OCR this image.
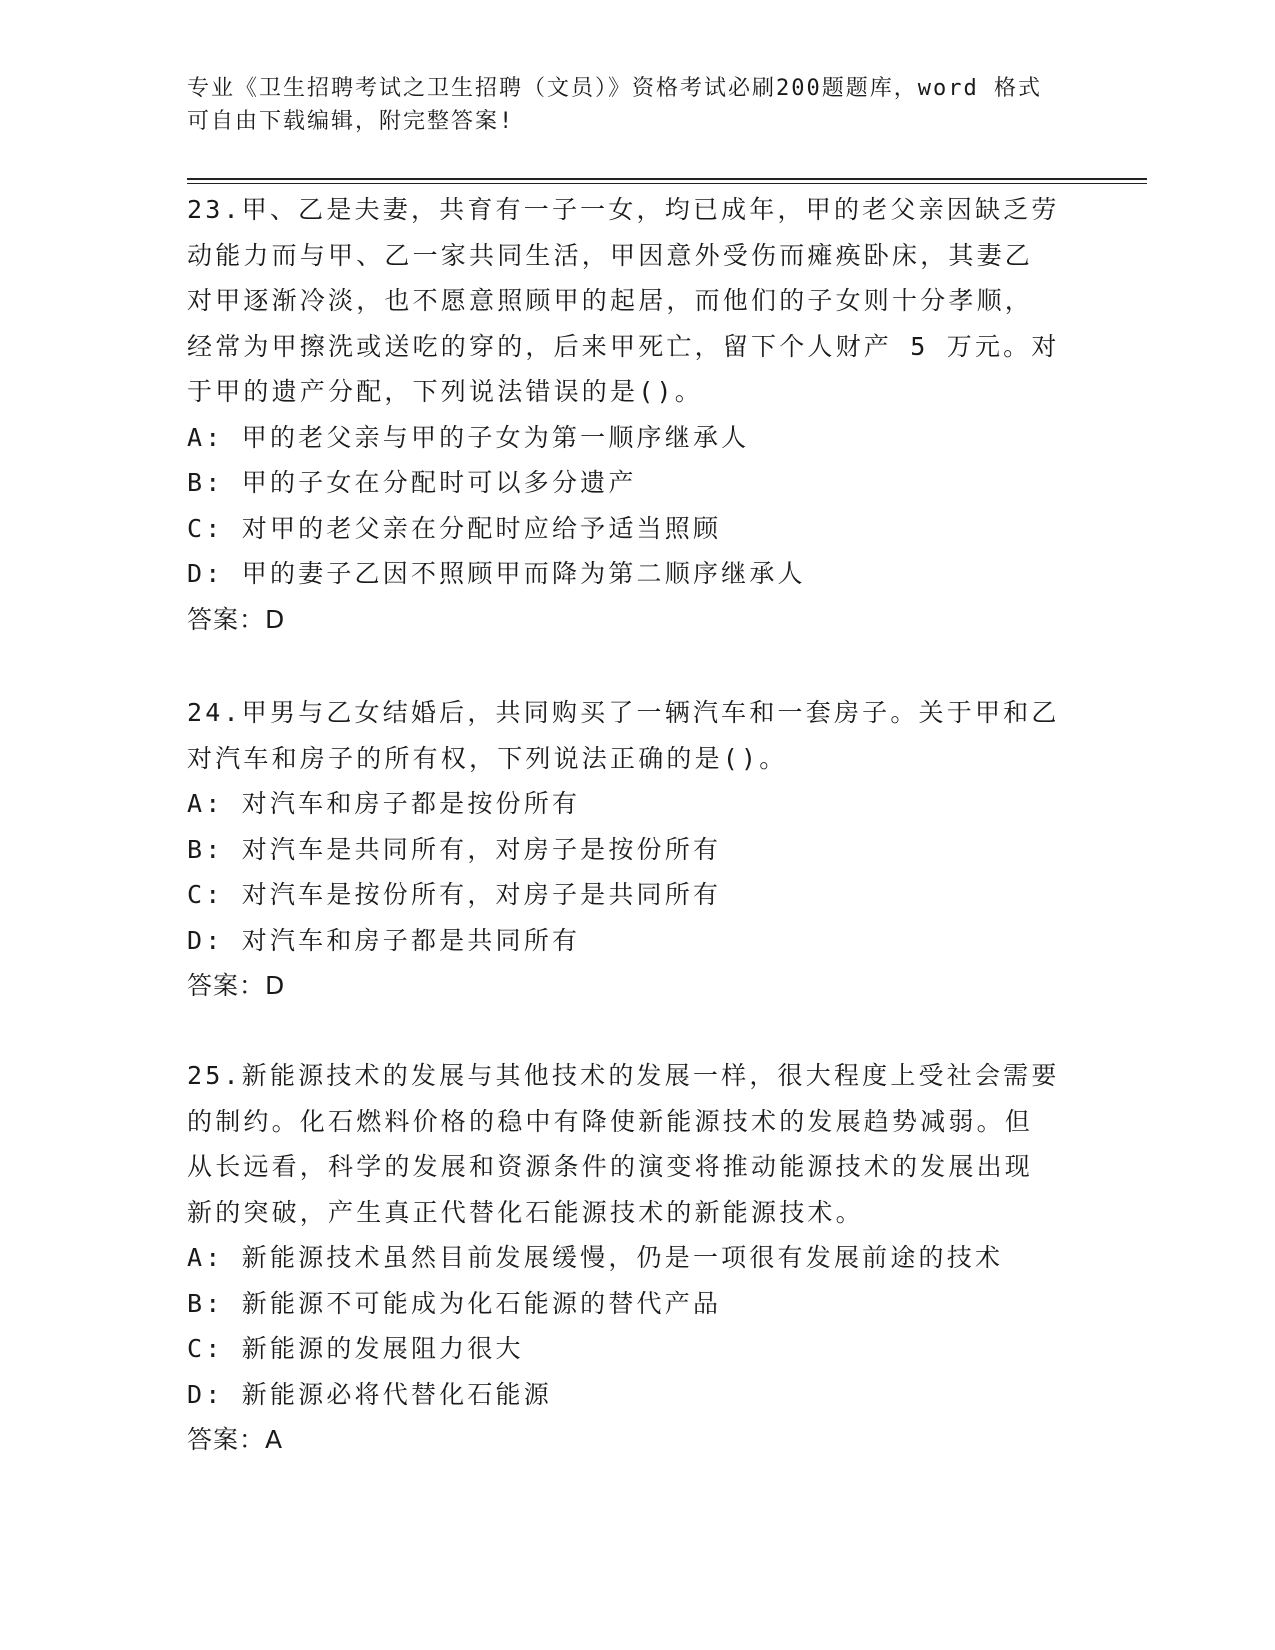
专业《卫生招聘考试之卫生招聘（文员）》资格考试必刷200题题库，word 格式
可自由下载编辑，附完整答案!
23.甲、乙是夫妻，共育有一子一女，均已成年，甲的老父亲因缺乏劳
动能力而与甲、乙一家共同生活，甲因意外受伤而瘫痪卧床，其妻乙
对甲逐渐冷淡，也不愿意照顾甲的起居，而他们的子女则十分孝顺，
经常为甲擦洗或送吃的穿的，后来甲死亡，留下个人财产 5 万元。对
于甲的遗产分配，下列说法错误的是()。
A: 甲的老父亲与甲的子女为第一顺序继承人
B: 甲的子女在分配时可以多分遗产
C: 对甲的老父亲在分配时应给予适当照顾
D: 甲的妻子乙因不照顾甲而降为第二顺序继承人
答案：D
24.甲男与乙女结婚后，共同购买了一辆汽车和一套房子。关于甲和乙
对汽车和房子的所有权，下列说法正确的是()。
A: 对汽车和房子都是按份所有
B: 对汽车是共同所有，对房子是按份所有
C: 对汽车是按份所有，对房子是共同所有
D: 对汽车和房子都是共同所有
答案：D
25.新能源技术的发展与其他技术的发展一样，很大程度上受社会需要
的制约。化石燃料价格的稳中有降使新能源技术的发展趋势减弱。但
从长远看，科学的发展和资源条件的演变将推动能源技术的发展出现
新的突破，产生真正代替化石能源技术的新能源技术。
A: 新能源技术虽然目前发展缓慢，仍是一项很有发展前途的技术
B: 新能源不可能成为化石能源的替代产品
C: 新能源的发展阻力很大
D: 新能源必将代替化石能源
答案：A
